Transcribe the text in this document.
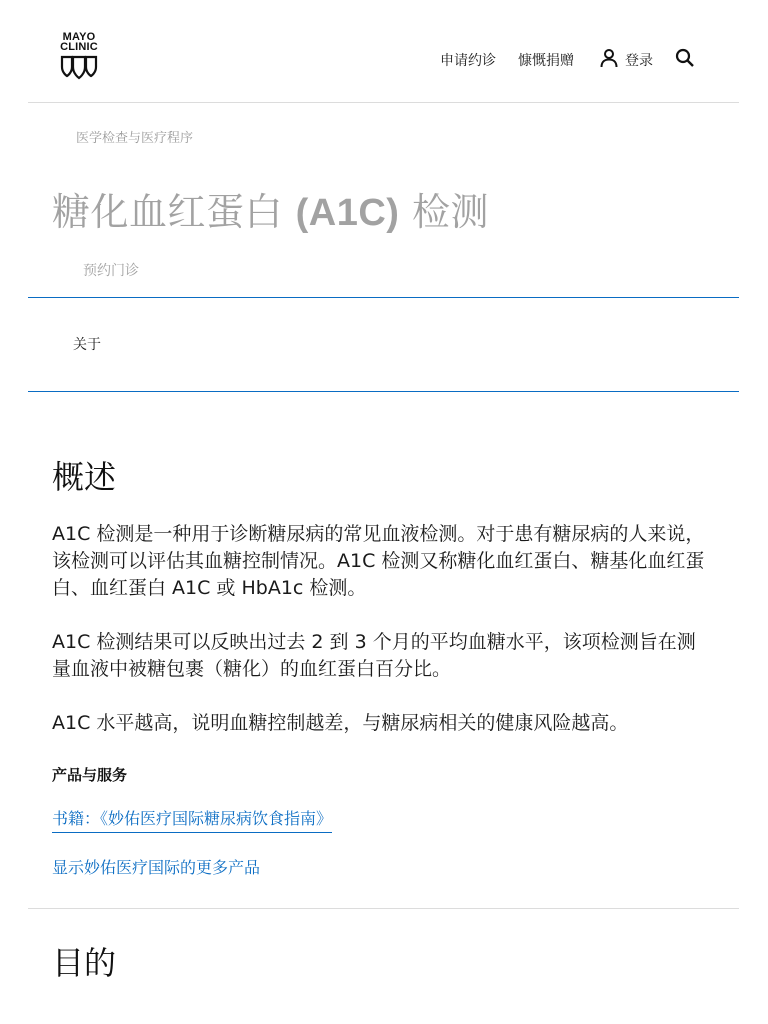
MAYO
CLINIC
申请约诊 慷慨捐赠	登录
医学检查与医疗程序
糖化血红蛋白 (A1C) 检测
预约门诊
关于
概述

A1C 检测是一种用于诊断糖尿病的常见血液检测。对于患有糖尿病的人来说，该检测可以评估其血糖控制情况。A1C 检测又称糖化血红蛋白、糖基化血红蛋白、血红蛋白 A1C 或 HbA1c 检测。

A1C 检测结果可以反映出过去 2 到 3 个月的平均血糖水平，该项检测旨在测量血液中被糖包裹（糖化）的血红蛋白百分比。

A1C 水平越高，说明血糖控制越差，与糖尿病相关的健康风险越高。

产品与服务
书籍：《妙佑医疗国际糖尿病饮食指南》
显示妙佑医疗国际的更多产品
目的
